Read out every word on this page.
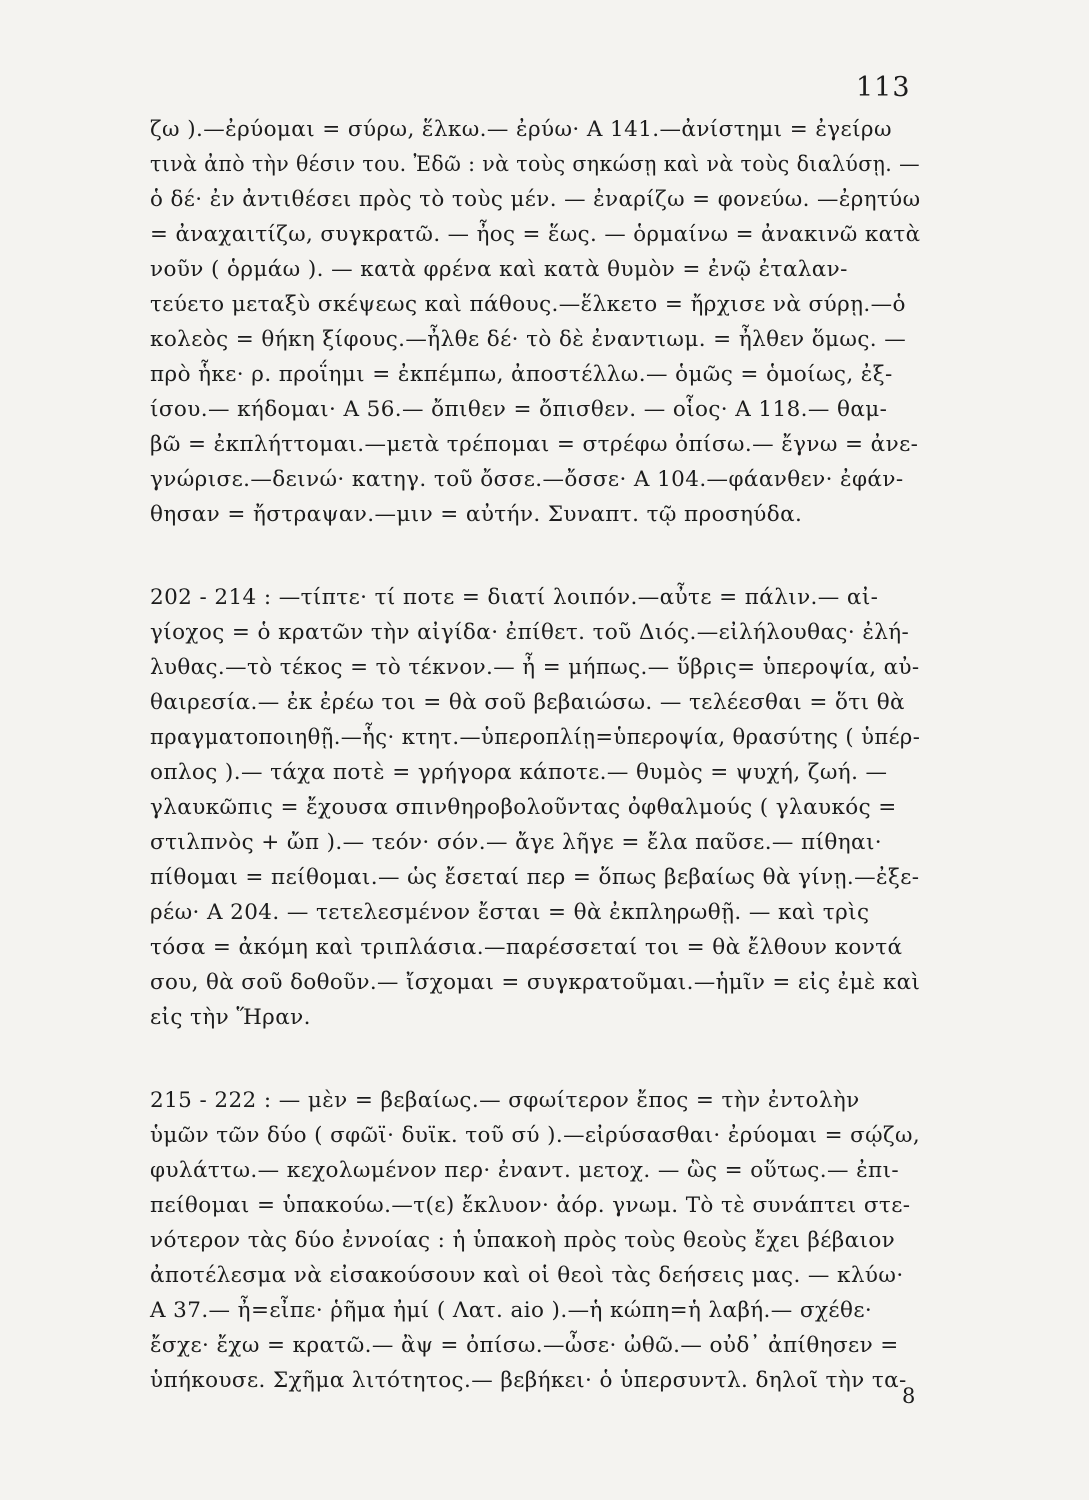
113
ζω ).—ἐρύομαι = σύρω, ἕλκω.— ἐρύω· Α 141.—ἀνίστημι = ἐγείρω
τινὰ ἀπὸ τὴν θέσιν του. Ἐδῶ : νὰ τοὺς σηκώσῃ καὶ νὰ τοὺς διαλύσῃ. —
ὁ δέ· ἐν ἀντιθέσει πρὸς τὸ τοὺς μέν. — ἐναρίζω = φονεύω. —ἐρητύω
= ἀναχαιτίζω, συγκρατῶ. — ἦος = ἕως. — ὁρμαίνω = ἀνακινῶ κατὰ
νοῦν ( ὁρμάω ). — κατὰ φρένα καὶ κατὰ θυμὸν = ἐνῷ ἐταλαν-
τεύετο μεταξὺ σκέψεως καὶ πάθους.—ἕλκετο = ἤρχισε νὰ σύρῃ.—ὁ
κολεὸς = θήκη ξίφους.—ἦλθε δέ· τὸ δὲ ἐναντιωμ. = ἦλθεν ὅμως. —
πρὸ ἧκε· ρ. προΐημι = ἐκπέμπω, ἀποστέλλω.— ὁμῶς = ὁμοίως, ἐξ-
ίσου.— κήδομαι· Α 56.— ὄπιθεν = ὄπισθεν. — οἷος· Α 118.— θαμ-
βῶ = ἐκπλήττομαι.—μετὰ τρέπομαι = στρέφω ὀπίσω.— ἔγνω = ἀνε-
γνώρισε.—δεινώ· κατηγ. τοῦ ὄσσε.—ὄσσε· Α 104.—φάανθεν· ἐφάν-
θησαν = ἤστραψαν.—μιν = αὐτήν. Συναπτ. τῷ προσηύδα.
202 - 214 : —τίπτε· τί ποτε = διατί λοιπόν.—αὖτε = πάλιν.— αἰ-
γίοχος = ὁ κρατῶν τὴν αἰγίδα· ἐπίθετ. τοῦ Διός.—εἰλήλουθας· ἐλή-
λυθας.—τὸ τέκος = τὸ τέκνον.— ἦ = μήπως.— ὕβρις= ὑπεροψία, αὐ-
θαιρεσία.— ἐκ ἐρέω τοι = θὰ σοῦ βεβαιώσω. — τελέεσθαι = ὅτι θὰ
πραγματοποιηθῇ.—ἧς· κτητ.—ὑπεροπλίῃ=ὑπεροψία, θρασύτης ( ὑπέρ-
οπλος ).— τάχα ποτὲ = γρήγορα κάποτε.— θυμὸς = ψυχή, ζωή. —
γλαυκῶπις = ἔχουσα σπινθηροβολοῦντας ὀφθαλμούς ( γλαυκός =
στιλπνὸς + ὤπ ).— τεόν· σόν.— ἄγε λῆγε = ἔλα παῦσε.— πίθηαι·
πίθομαι = πείθομαι.— ὡς ἔσεταί περ = ὅπως βεβαίως θὰ γίνῃ.—ἐξε-
ρέω· Α 204. — τετελεσμένον ἔσται = θὰ ἐκπληρωθῇ. — καὶ τρὶς
τόσα = ἀκόμη καὶ τριπλάσια.—παρέσσεταί τοι = θὰ ἔλθουν κοντά
σου, θὰ σοῦ δοθοῦν.— ἴσχομαι = συγκρατοῦμαι.—ἡμῖν = εἰς ἐμὲ καὶ
εἰς τὴν Ἥραν.
215 - 222 : — μὲν = βεβαίως.— σφωίτερον ἔπος = τὴν ἐντολὴν
ὑμῶν τῶν δύο ( σφῶϊ· δυϊκ. τοῦ σύ ).—εἰρύσασθαι· ἐρύομαι = σῴζω,
φυλάττω.— κεχολωμένον περ· ἐναντ. μετοχ. — ὣς = οὕτως.— ἐπι-
πείθομαι = ὑπακούω.—τ(ε) ἔκλυον· ἀόρ. γνωμ. Τὸ τὲ συνάπτει στε-
νότερον τὰς δύο ἐννοίας : ἡ ὑπακοὴ πρὸς τοὺς θεοὺς ἔχει βέβαιον
ἀποτέλεσμα νὰ εἰσακούσουν καὶ οἱ θεοὶ τὰς δεήσεις μας. — κλύω·
Α 37.— ἦ=εἶπε· ῥῆμα ἠμί ( Λατ. aio ).—ἡ κώπη=ἡ λαβή.— σχέθε·
ἔσχε· ἔχω = κρατῶ.— ἂψ = ὀπίσω.—ὦσε· ὠθῶ.— οὐδ᾽ ἀπίθησεν =
ὑπήκουσε. Σχῆμα λιτότητος.— βεβήκει· ὁ ὑπερσυντλ. δηλοῖ τὴν τα-
8
